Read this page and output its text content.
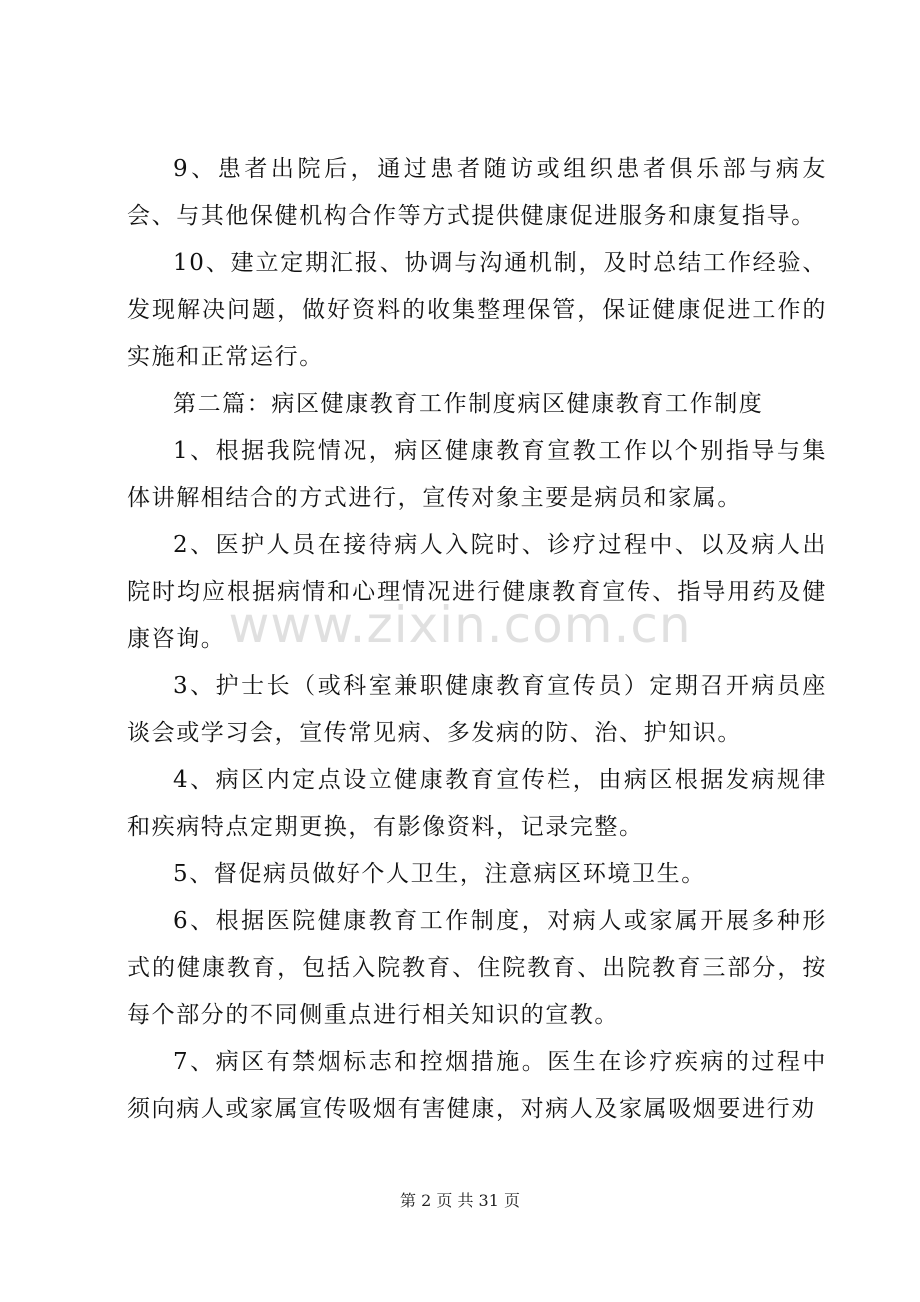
9、患者出院后，通过患者随访或组织患者俱乐部与病友会、与其他保健机构合作等方式提供健康促进服务和康复指导。

10、建立定期汇报、协调与沟通机制，及时总结工作经验、发现解决问题，做好资料的收集整理保管，保证健康促进工作的实施和正常运行。

第二篇：病区健康教育工作制度病区健康教育工作制度

1、根据我院情况，病区健康教育宣教工作以个别指导与集体讲解相结合的方式进行，宣传对象主要是病员和家属。

2、医护人员在接待病人入院时、诊疗过程中、以及病人出院时均应根据病情和心理情况进行健康教育宣传、指导用药及健康咨询。

3、护士长（或科室兼职健康教育宣传员）定期召开病员座谈会或学习会，宣传常见病、多发病的防、治、护知识。

4、病区内定点设立健康教育宣传栏，由病区根据发病规律和疾病特点定期更换，有影像资料，记录完整。

5、督促病员做好个人卫生，注意病区环境卫生。

6、根据医院健康教育工作制度，对病人或家属开展多种形式的健康教育，包括入院教育、住院教育、出院教育三部分，按每个部分的不同侧重点进行相关知识的宣教。

7、病区有禁烟标志和控烟措施。医生在诊疗疾病的过程中须向病人或家属宣传吸烟有害健康，对病人及家属吸烟要进行劝

www.zixin.com.cn
第 2 页 共 31 页
